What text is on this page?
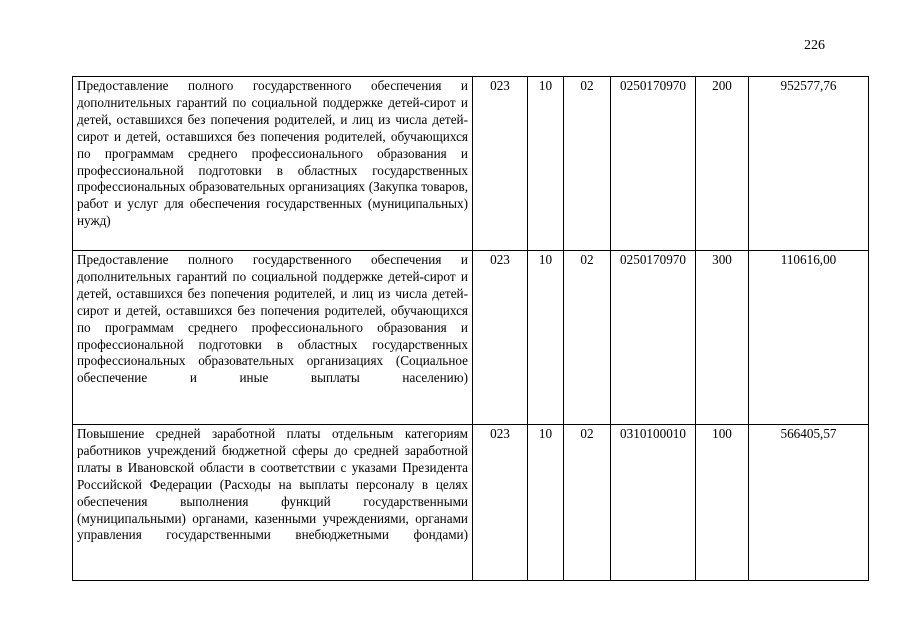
226
Предоставление полного государственного обеспечения и дополнительных гарантий по социальной поддержке детей-сирот и детей, оставшихся без попечения родителей, и лиц из числа детей-сирот и детей, оставшихся без попечения родителей, обучающихся по программам среднего профессионального образования и профессиональной подготовки в областных государственных профессиональных образовательных организациях (Закупка товаров, работ и услуг для обеспечения государственных (муниципальных) нужд)	023	10	02	0250170970	200	952577,76
Предоставление полного государственного обеспечения и дополнительных гарантий по социальной поддержке детей-сирот и детей, оставшихся без попечения родителей, и лиц из числа детей-сирот и детей, оставшихся без попечения родителей, обучающихся по программам среднего профессионального образования и профессиональной подготовки в областных государственных профессиональных образовательных организациях (Социальное обеспечение и иные выплаты населению)	023	10	02	0250170970	300	110616,00
Повышение средней заработной платы отдельным категориям работников учреждений бюджетной сферы до средней заработной платы в Ивановской области в соответствии с указами Президента Российской Федерации (Расходы на выплаты персоналу в целях обеспечения выполнения функций государственными (муниципальными) органами, казенными учреждениями, органами управления государственными внебюджетными фондами)	023	10	02	0310100010	100	566405,57
